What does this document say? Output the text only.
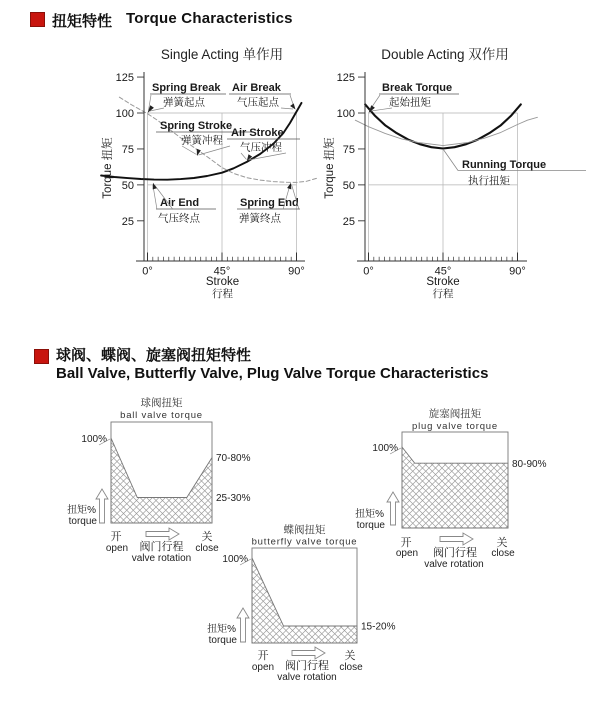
扭矩特性 Torque Characteristics
球阀、蝶阀、旋塞阀扭矩特性
Ball Valve, Butterfly Valve, Plug Valve Torque Characteristics
Single Acting 单作用
0°	45°	90°
125
100
75
50
25
Torque 扭矩
Stroke
行程
Spring Break
弹簧起点
Air Break
气压起点
Spring Stroke
弹簧冲程
Air Stroke
气压冲程
Air End
气压终点
Spring End
弹簧终点
Double Acting 双作用
0°	45°	90°
125
100
75
50
25
Torque 扭矩
Stroke
行程
Break Torque
起始扭矩
Running Torque
执行扭矩
球阀扭矩
ball valve torque
100%
70-80%
25-30%
扭矩%
torque
开
open 阀门行程
valve rotation
关
close
蝶阀扭矩
butterfly valve torque
100%
15-20%
扭矩%
torque
开
open 阀门行程
valve rotation
关
close
旋塞阀扭矩
plug valve torque
100%
80-90%
扭矩%
torque
开
open 阀门行程
valve rotation
关
close
